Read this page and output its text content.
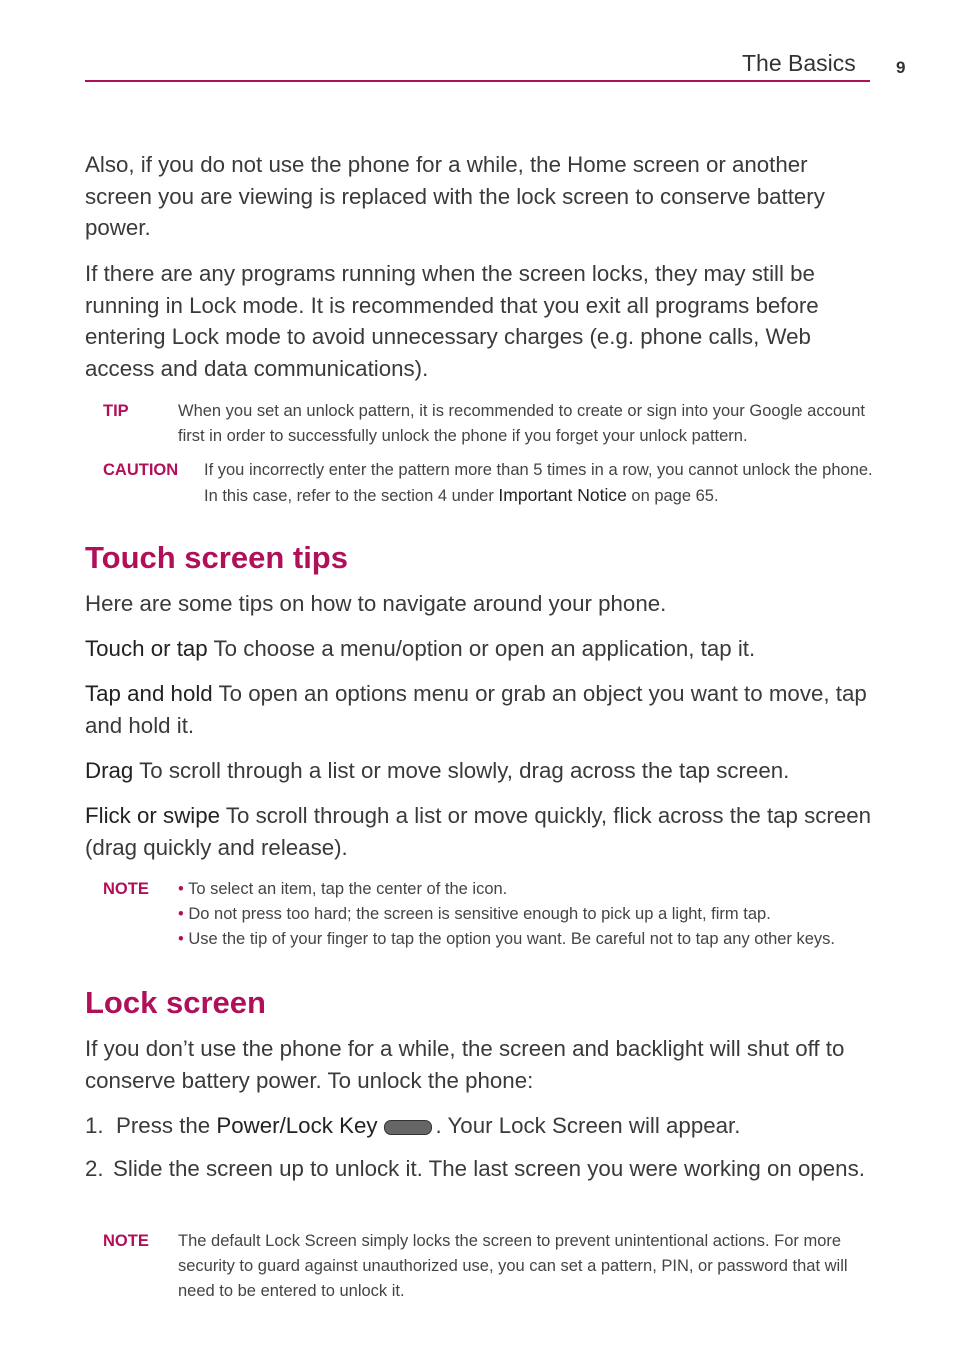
The Basics 9

Also, if you do not use the phone for a while, the Home screen or another screen you are viewing is replaced with the lock screen to conserve battery power.

If there are any programs running when the screen locks, they may still be running in Lock mode. It is recommended that you exit all programs before entering Lock mode to avoid unnecessary charges (e.g. phone calls, Web access and data communications).

TIP	When you set an unlock pattern, it is recommended to create or sign into your Google account first in order to successfully unlock the phone if you forget your unlock pattern.
CAUTION If you incorrectly enter the pattern more than 5 times in a row, you cannot unlock the phone. In this case, refer to the section 4 under Important Notice on page 65.
Touch screen tips

Here are some tips on how to navigate around your phone.

Touch or tap To choose a menu/option or open an application, tap it.

Tap and hold To open an options menu or grab an object you want to move, tap and hold it.

Drag To scroll through a list or move slowly, drag across the tap screen.

Flick or swipe To scroll through a list or move quickly, flick across the tap screen (drag quickly and release).

NOTE • To select an item, tap the center of the icon.
• Do not press too hard; the screen is sensitive enough to pick up a light, firm tap.
• Use the tip of your finger to tap the option you want. Be careful not to tap any other keys.
Lock screen

If you don’t use the phone for a while, the screen and backlight will shut off to conserve battery power. To unlock the phone:

1. Press the Power/Lock Key	. Your Lock Screen will appear.
2. Slide the screen up to unlock it. The last screen you were working on opens.
NOTE The default Lock Screen simply locks the screen to prevent unintentional actions. For more security to guard against unauthorized use, you can set a pattern, PIN, or password that will need to be entered to unlock it.
